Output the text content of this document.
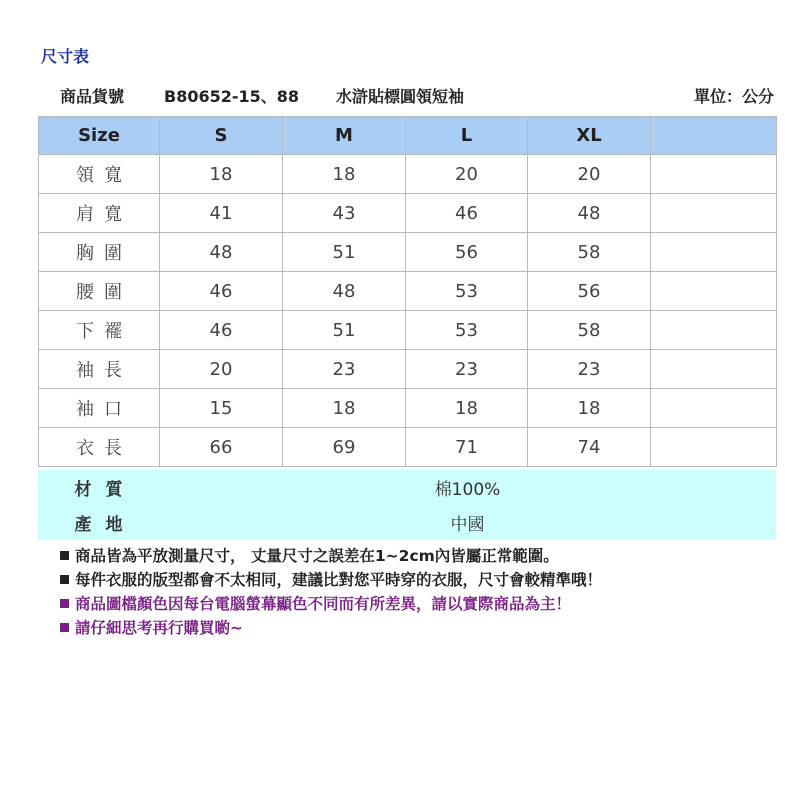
尺寸表
商品貨號 B80652-15、88 水滸貼標圓領短袖	單位：公分
Size	S	M	L	XL	
領寬	18	18	20	20	
肩寬	41	43	46	48	
胸圍	48	51	56	58	
腰圍	46	48	53	56	
下襬	46	51	53	58	
袖長	20	23	23	23	
袖口	15	18	18	18	
衣長	66	69	71	74	
材質	棉100%
產地	中國
商品皆為平放測量尺寸， 丈量尺寸之誤差在1~2cm內皆屬正常範圍。
每件衣服的版型都會不太相同，建議比對您平時穿的衣服，尺寸會較精準哦！
商品圖檔顏色因每台電腦螢幕顯色不同而有所差異，請以實際商品為主！
請仔細思考再行購買喲~
